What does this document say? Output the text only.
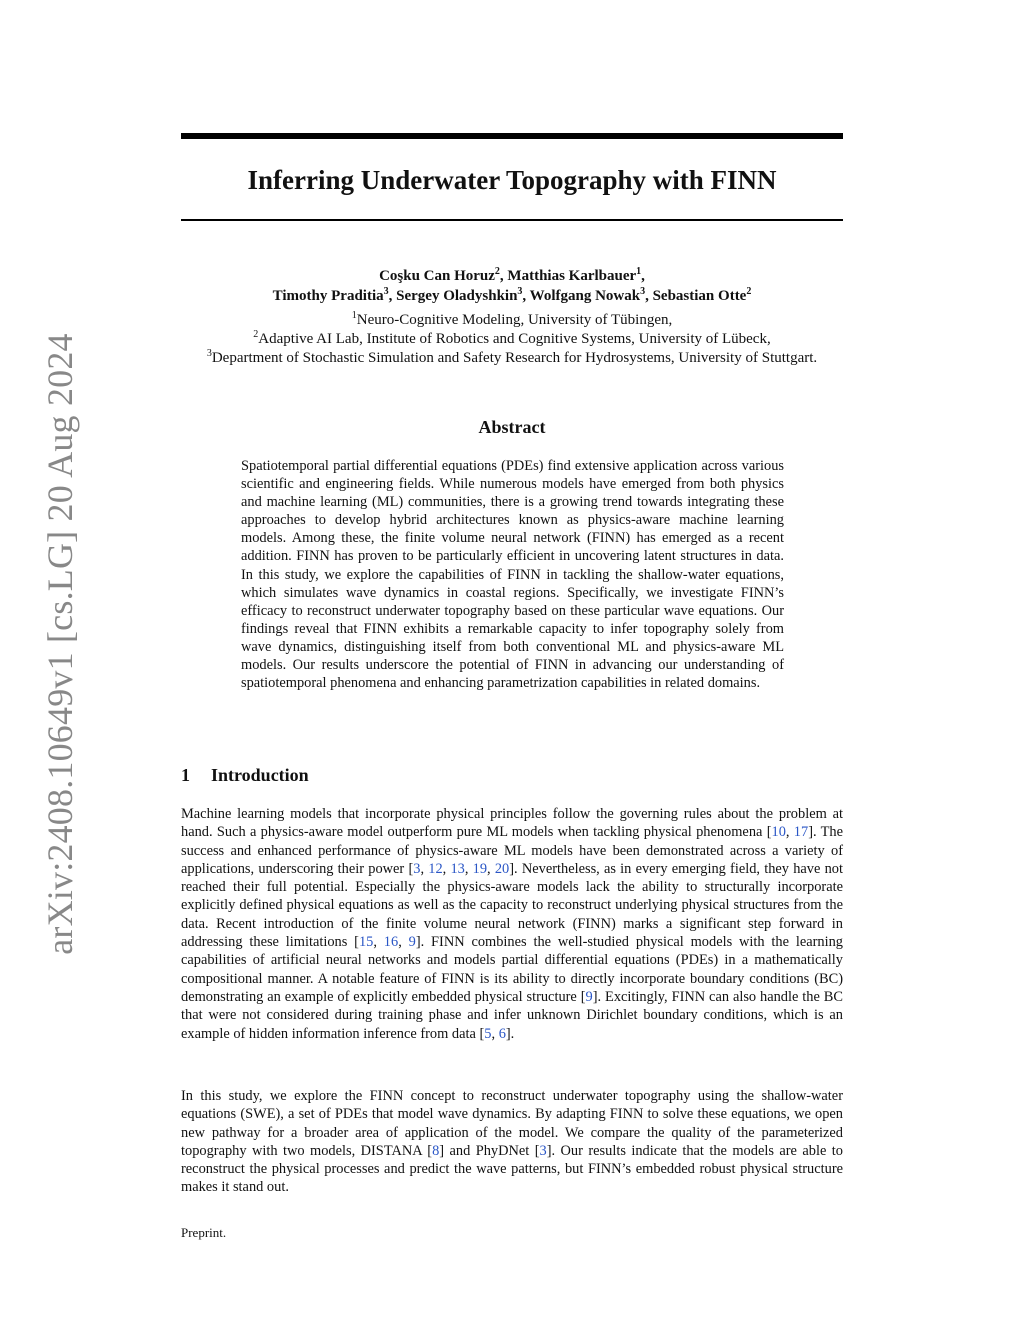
arXiv:2408.10649v1 [cs.LG] 20 Aug 2024
Inferring Underwater Topography with FINN
Coşku Can Horuz$^2$, Matthias Karlbauer$^1$,
Timothy Praditia$^3$, Sergey Oladyshkin$^3$, Wolfgang Nowak$^3$, Sebastian Otte$^2$
$^1$Neuro-Cognitive Modeling, University of Tübingen,
$^2$Adaptive AI Lab, Institute of Robotics and Cognitive Systems, University of Lübeck,
$^3$Department of Stochastic Simulation and Safety Research for Hydrosystems, University of Stuttgart.
Abstract
Spatiotemporal partial differential equations (PDEs) find extensive application across various scientific and engineering fields. While numerous models have emerged from both physics and machine learning (ML) communities, there is a growing trend towards integrating these approaches to develop hybrid architectures known as physics-aware machine learning models. Among these, the finite volume neural network (FINN) has emerged as a recent addition. FINN has proven to be particularly efficient in uncovering latent structures in data. In this study, we explore the capabilities of FINN in tackling the shallow-water equations, which simulates wave dynamics in coastal regions. Specifically, we investigate FINN’s efficacy to reconstruct underwater topography based on these particular wave equations. Our findings reveal that FINN exhibits a remarkable capacity to infer topography solely from wave dynamics, distinguishing itself from both conventional ML and physics-aware ML models. Our results underscore the potential of FINN in advancing our understanding of spatiotemporal phenomena and enhancing parametrization capabilities in related domains.
1 Introduction

Machine learning models that incorporate physical principles follow the governing rules about the problem at hand. Such a physics-aware model outperform pure ML models when tackling physical phenomena [10, 17]. The success and enhanced performance of physics-aware ML models have been demonstrated across a variety of applications, underscoring their power [3, 12, 13, 19, 20]. Nevertheless, as in every emerging field, they have not reached their full potential. Especially the physics-aware models lack the ability to structurally incorporate explicitly defined physical equations as well as the capacity to reconstruct underlying physical structures from the data. Recent introduction of the finite volume neural network (FINN) marks a significant step forward in addressing these limitations [15, 16, 9]. FINN combines the well-studied physical models with the learning capabilities of artificial neural networks and models partial differential equations (PDEs) in a mathematically compositional manner. A notable feature of FINN is its ability to directly incorporate boundary conditions (BC) demonstrating an example of explicitly embedded physical structure [9]. Excitingly, FINN can also handle the BC that were not considered during training phase and infer unknown Dirichlet boundary conditions, which is an example of hidden information inference from data [5, 6].

In this study, we explore the FINN concept to reconstruct underwater topography using the shallow-water equations (SWE), a set of PDEs that model wave dynamics. By adapting FINN to solve these equations, we open new pathway for a broader area of application of the model. We compare the quality of the parameterized topography with two models, DISTANA [8] and PhyDNet [3]. Our results indicate that the models are able to reconstruct the physical processes and predict the wave patterns, but FINN’s embedded robust physical structure makes it stand out.

Preprint.
